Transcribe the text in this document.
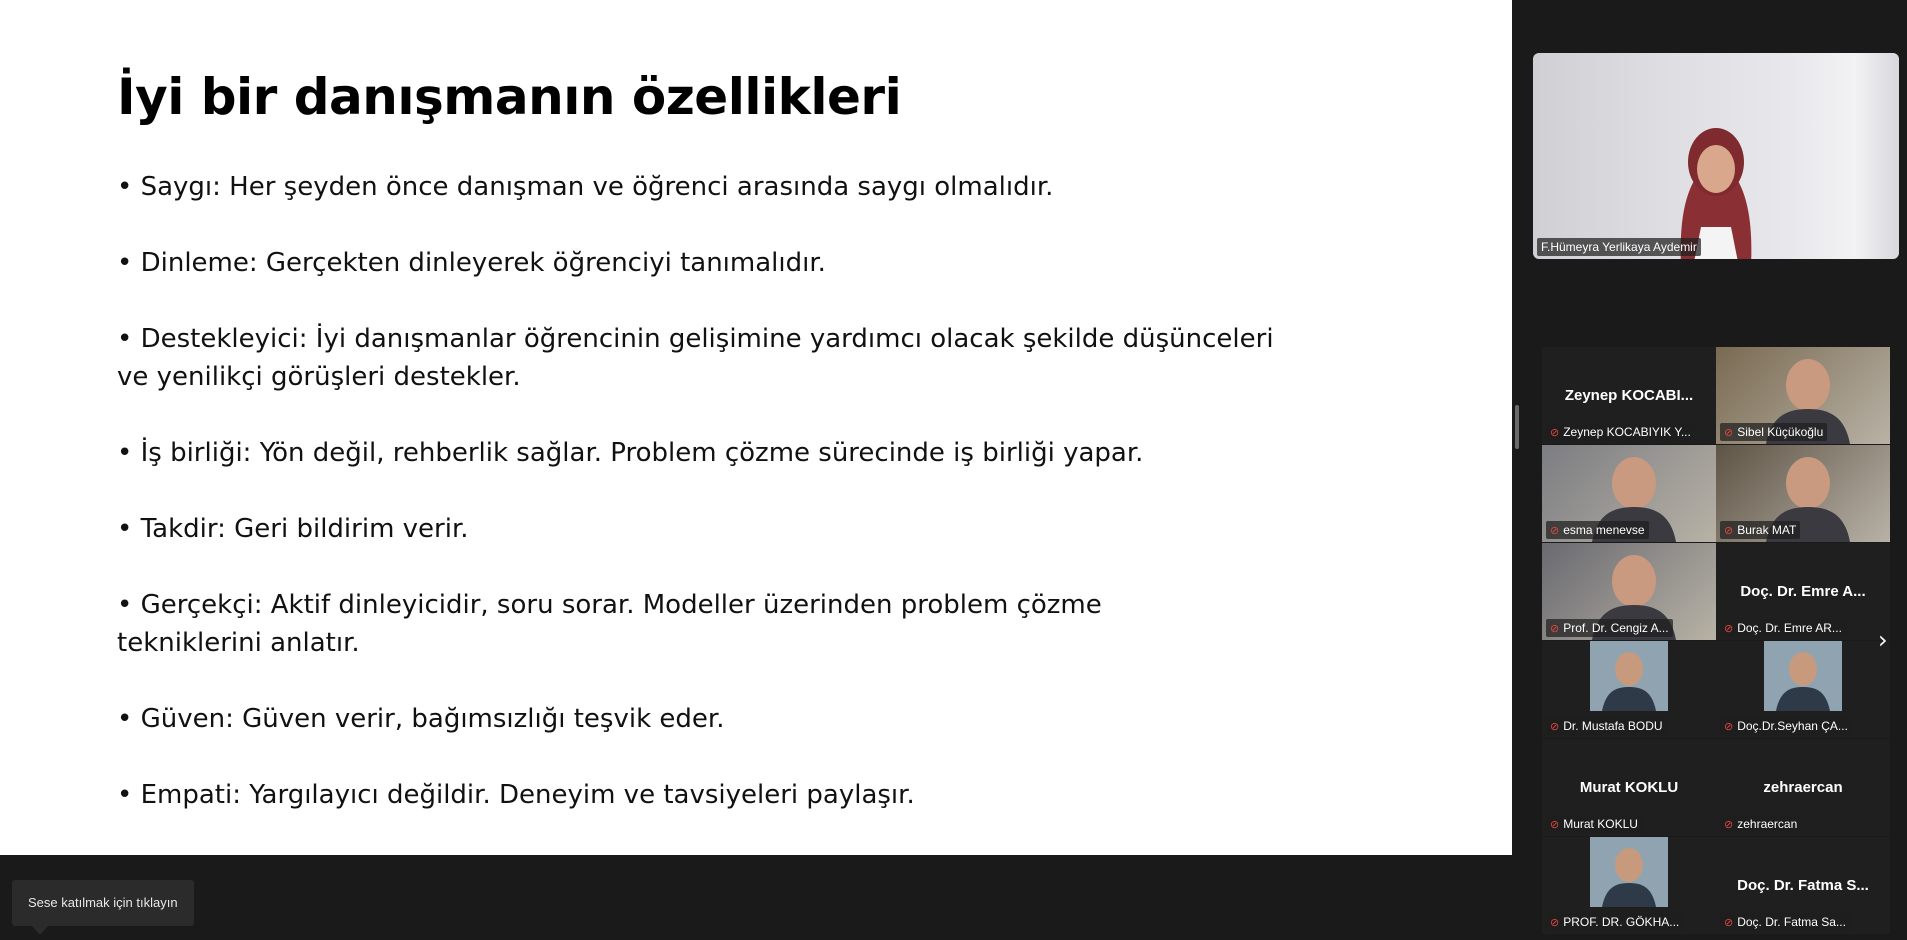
İyi bir danışmanın özellikleri
• Saygı: Her şeyden önce danışman ve öğrenci arasında saygı olmalıdır.
• Dinleme: Gerçekten dinleyerek öğrenciyi tanımalıdır.
• Destekleyici: İyi danışmanlar öğrencinin gelişimine yardımcı olacak şekilde düşünceleri ve yenilikçi görüşleri destekler.
• İş birliği: Yön değil, rehberlik sağlar. Problem çözme sürecinde iş birliği yapar.
• Takdir: Geri bildirim verir.
• Gerçekçi: Aktif dinleyicidir, soru sorar. Modeller üzerinden problem çözme tekniklerini anlatır.
• Güven: Güven verir, bağımsızlığı teşvik eder.
• Empati: Yargılayıcı değildir. Deneyim ve tavsiyeleri paylaşır.
Sese katılmak için tıklayın
F.Hümeyra Yerlikaya Aydemir
Zeynep KOCABI...
⊘ Zeynep KOCABIYIK Y...	⊘ Sibel Küçükoğlu
⊘ esma menevse	⊘ Burak MAT
⊘ Prof. Dr. Cengiz A...
Doç. Dr. Emre A...
⊘ Doç. Dr. Emre AR...
⊘ Dr. Mustafa BODU	⊘ Doç.Dr.Seyhan ÇA...
Murat KOKLU
⊘ Murat KOKLU
zehraercan
⊘ zehraercan
⊘ PROF. DR. GÖKHA...
Doç. Dr. Fatma S...
⊘ Doç. Dr. Fatma Sa...
›
